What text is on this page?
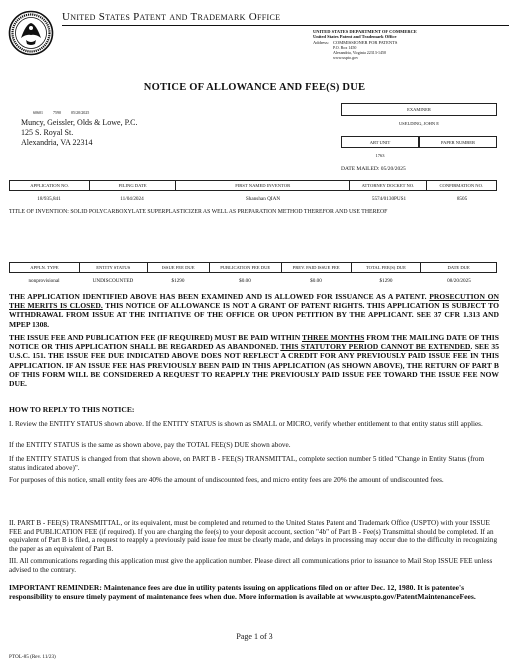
United States Patent and Trademark Office
UNITED STATES DEPARTMENT OF COMMERCE
United States Patent and Trademark Office
Address: COMMISSIONER FOR PATENTS
P.O. Box 1450
Alexandria, Virginia 22313-1450
www.uspto.gov
NOTICE OF ALLOWANCE AND FEE(S) DUE
60601          7590          05/20/2025
Muncy, Geissler, Olds & Lowe, P.C.
125 S. Royal St.
Alexandria, VA 22314
EXAMINER
USELDING, JOHN E
ART UNIT	PAPER NUMBER
1763
DATE MAILED: 05/20/2025
APPLICATION NO.	FILING DATE	FIRST NAMED INVENTOR	ATTORNEY DOCKET NO.	CONFIRMATION NO.
18/935,841	11/04/2024	Shanshan QIAN	5574/0130PUS1	8505
TITLE OF INVENTION: SOLID POLYCARBOXYLATE SUPERPLASTICIZER AS WELL AS PREPARATION METHOD THEREFOR AND USE THEREOF
APPLN. TYPE	ENTITY STATUS	ISSUE FEE DUE	PUBLICATION FEE DUE	PREV. PAID ISSUE FEE	TOTAL FEE(S) DUE	DATE DUE
nonprovisional	UNDISCOUNTED	$1290	$0.00	$0.00	$1290	08/20/2025
THE APPLICATION IDENTIFIED ABOVE HAS BEEN EXAMINED AND IS ALLOWED FOR ISSUANCE AS A PATENT. PROSECUTION ON THE MERITS IS CLOSED. THIS NOTICE OF ALLOWANCE IS NOT A GRANT OF PATENT RIGHTS. THIS APPLICATION IS SUBJECT TO WITHDRAWAL FROM ISSUE AT THE INITIATIVE OF THE OFFICE OR UPON PETITION BY THE APPLICANT. SEE 37 CFR 1.313 AND MPEP 1308.
THE ISSUE FEE AND PUBLICATION FEE (IF REQUIRED) MUST BE PAID WITHIN THREE MONTHS FROM THE MAILING DATE OF THIS NOTICE OR THIS APPLICATION SHALL BE REGARDED AS ABANDONED. THIS STATUTORY PERIOD CANNOT BE EXTENDED. SEE 35 U.S.C. 151. THE ISSUE FEE DUE INDICATED ABOVE DOES NOT REFLECT A CREDIT FOR ANY PREVIOUSLY PAID ISSUE FEE IN THIS APPLICATION. IF AN ISSUE FEE HAS PREVIOUSLY BEEN PAID IN THIS APPLICATION (AS SHOWN ABOVE), THE RETURN OF PART B OF THIS FORM WILL BE CONSIDERED A REQUEST TO REAPPLY THE PREVIOUSLY PAID ISSUE FEE TOWARD THE ISSUE FEE NOW DUE.
HOW TO REPLY TO THIS NOTICE:
I. Review the ENTITY STATUS shown above. If the ENTITY STATUS is shown as SMALL or MICRO, verify whether entitlement to that entity status still applies.
If the ENTITY STATUS is the same as shown above, pay the TOTAL FEE(S) DUE shown above.
If the ENTITY STATUS is changed from that shown above, on PART B - FEE(S) TRANSMITTAL, complete section number 5 titled "Change in Entity Status (from status indicated above)".
For purposes of this notice, small entity fees are 40% the amount of undiscounted fees, and micro entity fees are 20% the amount of undiscounted fees.
II. PART B - FEE(S) TRANSMITTAL, or its equivalent, must be completed and returned to the United States Patent and Trademark Office (USPTO) with your ISSUE FEE and PUBLICATION FEE (if required). If you are charging the fee(s) to your deposit account, section "4b" of Part B - Fee(s) Transmittal should be completed. If an equivalent of Part B is filed, a request to reapply a previously paid issue fee must be clearly made, and delays in processing may occur due to the difficulty in recognizing the paper as an equivalent of Part B.
III. All communications regarding this application must give the application number. Please direct all communications prior to issuance to Mail Stop ISSUE FEE unless advised to the contrary.
IMPORTANT REMINDER: Maintenance fees are due in utility patents issuing on applications filed on or after Dec. 12, 1980. It is patentee's responsibility to ensure timely payment of maintenance fees when due. More information is available at www.uspto.gov/PatentMaintenanceFees.
Page 1 of 3
PTOL-85 (Rev. 11/23)
